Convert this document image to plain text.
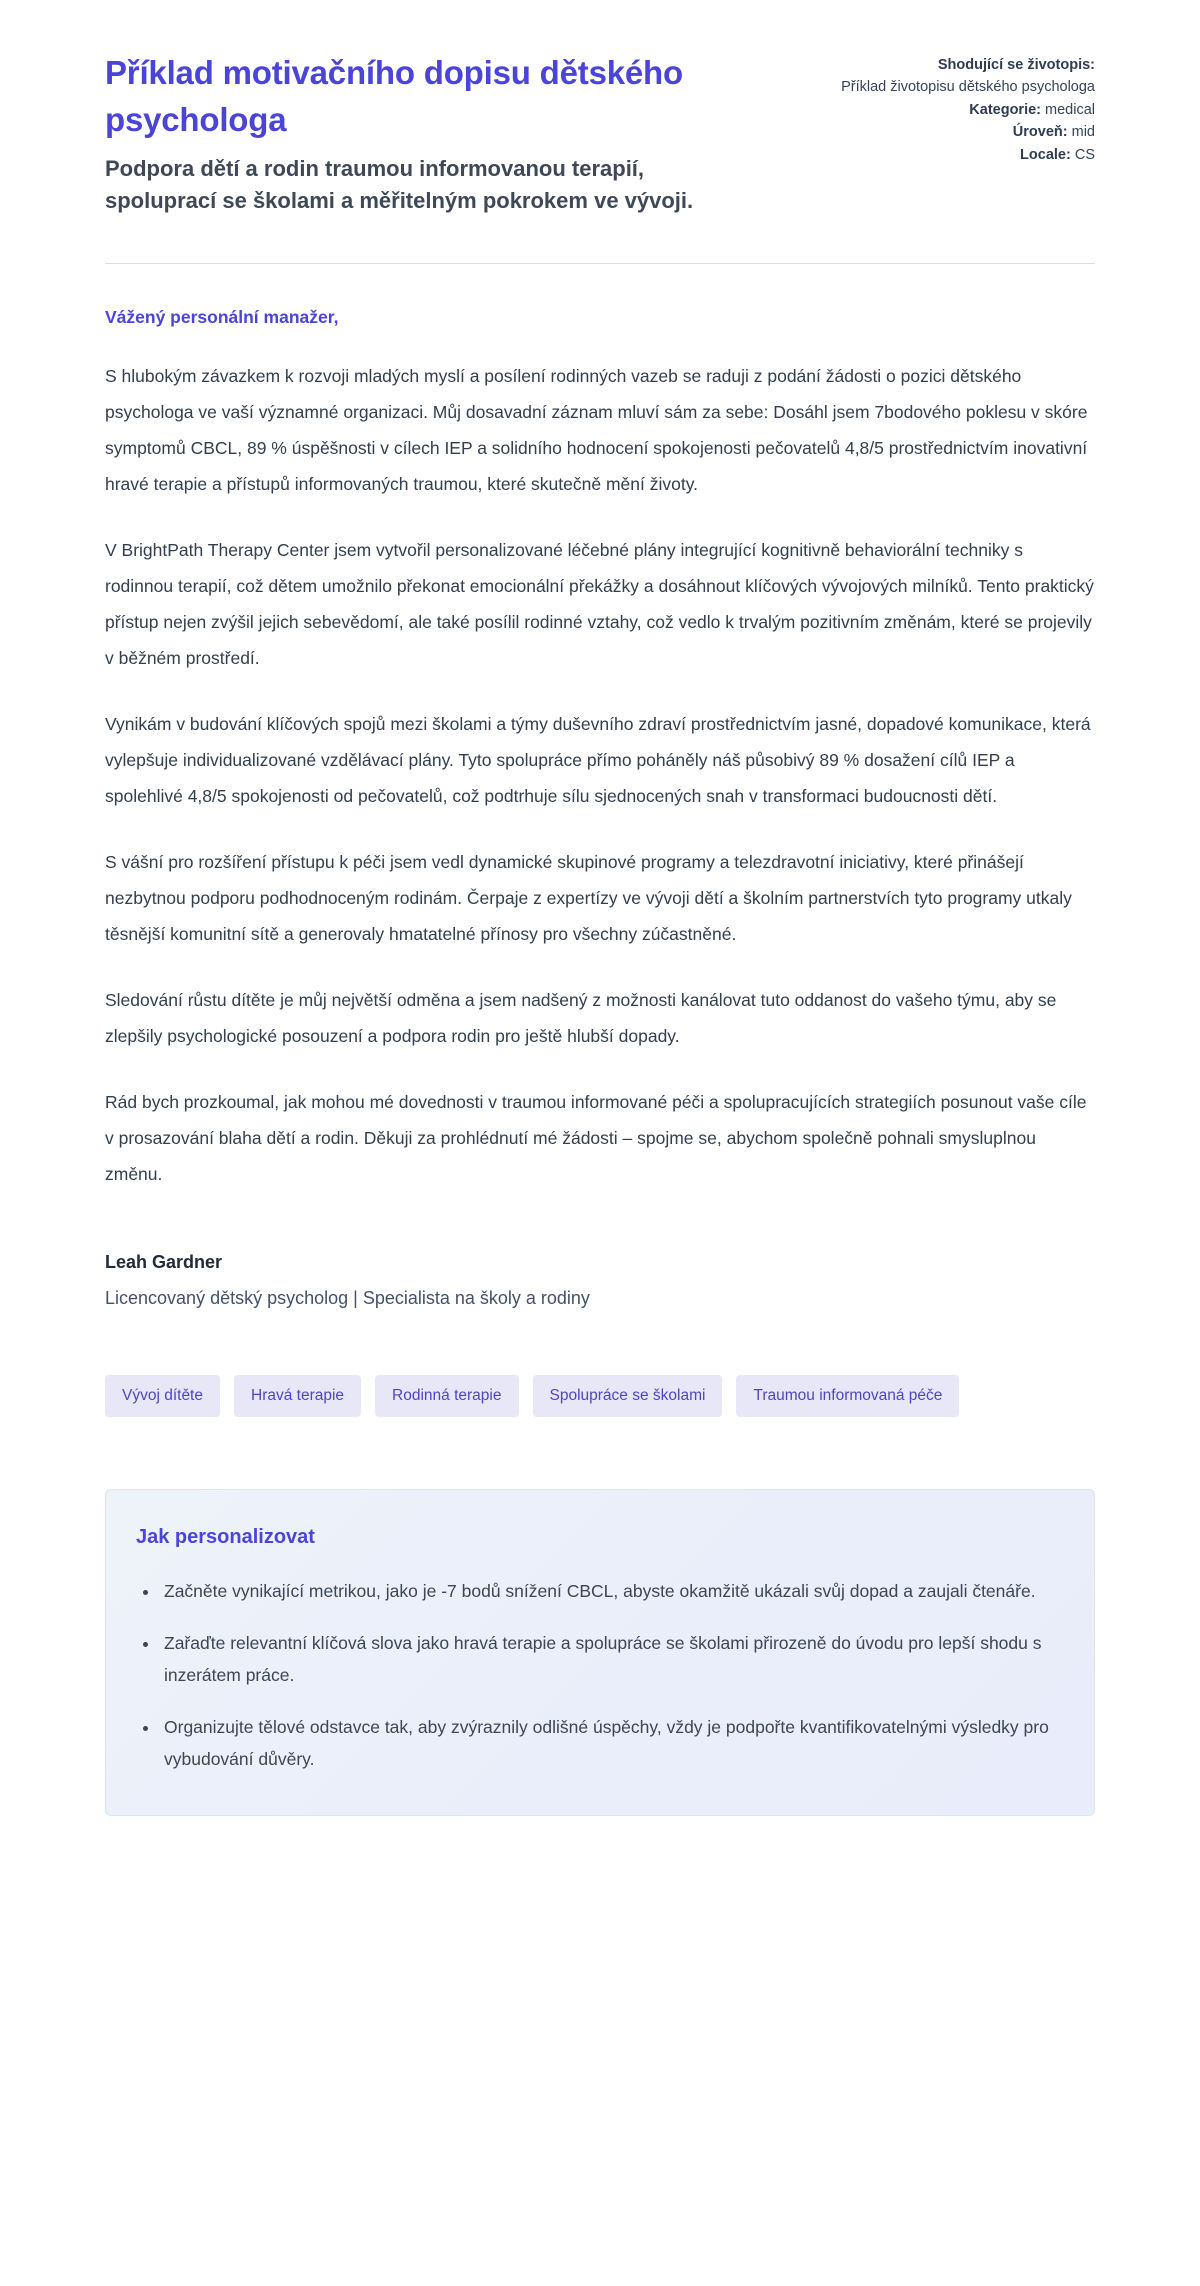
Příklad motivačního dopisu dětského psychologa
Podpora dětí a rodin traumou informovanou terapií, spoluprací se školami a měřitelným pokrokem ve vývoji.
Shodující se životopis:
Příklad životopisu dětského psychologa
Kategorie: medical
Úroveň: mid
Locale: CS

Vážený personální manažer,

S hlubokým závazkem k rozvoji mladých myslí a posílení rodinných vazeb se raduji z podání žádosti o pozici dětského psychologa ve vaší významné organizaci. Můj dosavadní záznam mluví sám za sebe: Dosáhl jsem 7bodového poklesu v skóre symptomů CBCL, 89 % úspěšnosti v cílech IEP a solidního hodnocení spokojenosti pečovatelů 4,8/5 prostřednictvím inovativní hravé terapie a přístupů informovaných traumou, které skutečně mění životy.

V BrightPath Therapy Center jsem vytvořil personalizované léčebné plány integrující kognitivně behaviorální techniky s rodinnou terapií, což dětem umožnilo překonat emocionální překážky a dosáhnout klíčových vývojových milníků. Tento praktický přístup nejen zvýšil jejich sebevědomí, ale také posílil rodinné vztahy, což vedlo k trvalým pozitivním změnám, které se projevily v běžném prostředí.

Vynikám v budování klíčových spojů mezi školami a týmy duševního zdraví prostřednictvím jasné, dopadové komunikace, která vylepšuje individualizované vzdělávací plány. Tyto spolupráce přímo poháněly náš působivý 89 % dosažení cílů IEP a spolehlivé 4,8/5 spokojenosti od pečovatelů, což podtrhuje sílu sjednocených snah v transformaci budoucnosti dětí.

S vášní pro rozšíření přístupu k péči jsem vedl dynamické skupinové programy a telezdravotní iniciativy, které přinášejí nezbytnou podporu podhodnoceným rodinám. Čerpaje z expertízy ve vývoji dětí a školním partnerstvích tyto programy utkaly těsnější komunitní sítě a generovaly hmatatelné přínosy pro všechny zúčastněné.

Sledování růstu dítěte je můj největší odměna a jsem nadšený z možnosti kanálovat tuto oddanost do vašeho týmu, aby se zlepšily psychologické posouzení a podpora rodin pro ještě hlubší dopady.

Rád bych prozkoumal, jak mohou mé dovednosti v traumou informované péči a spolupracujících strategiích posunout vaše cíle v prosazování blaha dětí a rodin. Děkuji za prohlédnutí mé žádosti – spojme se, abychom společně pohnali smysluplnou změnu.

Leah Gardner

Licencovaný dětský psycholog | Specialista na školy a rodiny

Vývoj dítěte	Hravá terapie	Rodinná terapie	Spolupráce se školami	Traumou informovaná péče
Jak personalizovat
• Začněte vynikající metrikou, jako je -7 bodů snížení CBCL, abyste okamžitě ukázali svůj dopad a zaujali čtenáře.
• Zařaďte relevantní klíčová slova jako hravá terapie a spolupráce se školami přirozeně do úvodu pro lepší shodu s inzerátem práce.
• Organizujte tělové odstavce tak, aby zvýraznily odlišné úspěchy, vždy je podpořte kvantifikovatelnými výsledky pro vybudování důvěry.
